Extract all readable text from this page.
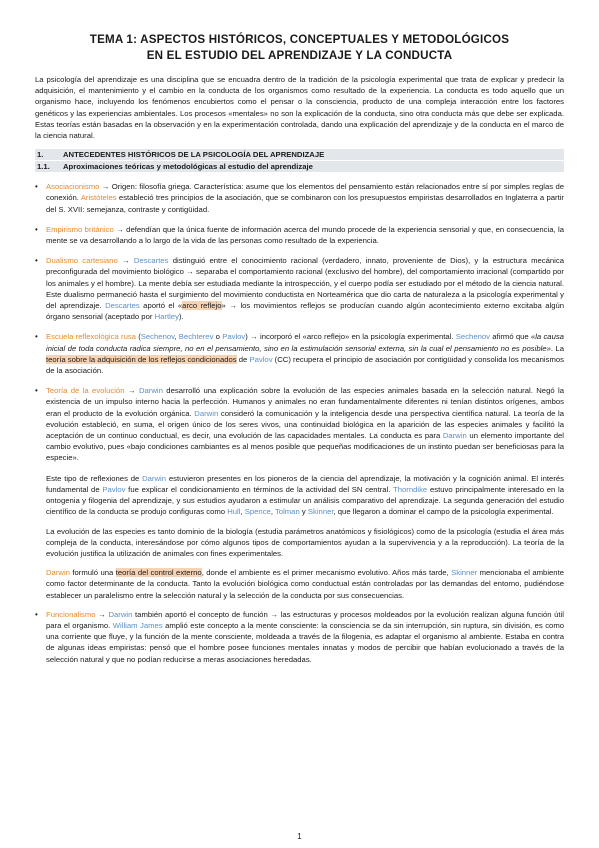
TEMA 1: ASPECTOS HISTÓRICOS, CONCEPTUALES Y METODOLÓGICOS
EN EL ESTUDIO DEL APRENDIZAJE Y LA CONDUCTA
La psicología del aprendizaje es una disciplina que se encuadra dentro de la tradición de la psicología experimental que trata de explicar y predecir la adquisición, el mantenimiento y el cambio en la conducta de los organismos como resultado de la experiencia. La conducta es todo aquello que un organismo hace, incluyendo los fenómenos encubiertos como el pensar o la consciencia, producto de una compleja interacción entre los factores genéticos y las experiencias ambientales. Los procesos «mentales» no son la explicación de la conducta, sino otra conducta más que debe ser explicada. Estas teorías están basadas en la observación y en la experimentación controlada, dando una explicación del aprendizaje y de la conducta en el marco de la ciencia natural.
1.	ANTECEDENTES HISTÓRICOS DE LA PSICOLOGÍA DEL APRENDIZAJE
1.1.	Aproximaciones teóricas y metodológicas al estudio del aprendizaje
•	Asociacionismo → Origen: filosofía griega. Característica: asume que los elementos del pensamiento están relacionados entre sí por simples reglas de conexión. Aristóteles estableció tres principios de la asociación, que se combinaron con los presupuestos empiristas desarrollados en Inglaterra a partir del S. XVII: semejanza, contraste y contigüidad.
•	Empirismo británico → defendían que la única fuente de información acerca del mundo procede de la experiencia sensorial y que, en consecuencia, la mente se va desarrollando a lo largo de la vida de las personas como resultado de la experiencia.
•	Dualismo cartesiano → Descartes distinguió entre el conocimiento racional (verdadero, innato, proveniente de Dios), y la estructura mecánica preconfigurada del movimiento biológico → separaba el comportamiento racional (exclusivo del hombre), del comportamiento irracional (compartido por los animales y el hombre). La mente debía ser estudiada mediante la introspección, y el cuerpo podía ser estudiado por el método de la ciencia natural. Este dualismo permaneció hasta el surgimiento del movimiento conductista en Norteamérica que dio carta de naturaleza a la psicología experimental y del aprendizaje. Descartes aportó el «arco reflejo» → los movimientos reflejos se producían cuando algún acontecimiento externo excitaba algún órgano sensorial (aceptado por Hartley).
•	Escuela reflexológica rusa (Sechenov, Bechterev o Pavlov) → incorporó el «arco reflejo» en la psicología experimental. Sechenov afirmó que «la causa inicial de toda conducta radica siempre, no en el pensamiento, sino en la estimulación sensorial externa, sin la cual el pensamiento no es posible». La teoría sobre la adquisición de los reflejos condicionados de Pavlov (CC) recupera el principio de asociación por contigüidad y consolida los mecanismos de la asociación.
•	Teoría de la evolución → Darwin desarrolló una explicación sobre la evolución de las especies animales basada en la selección natural. Negó la existencia de un impulso interno hacia la perfección. Humanos y animales no eran fundamentalmente diferentes ni tenían distintos orígenes, ambos eran el producto de la evolución orgánica. Darwin consideró la comunicación y la inteligencia desde una perspectiva científica natural. La teoría de la evolución estableció, en suma, el origen único de los seres vivos, una continuidad biológica en la aparición de las especies animales y facilitó la aceptación de un continuo conductual, es decir, una evolución de las capacidades mentales. La conducta es para Darwin un elemento importante del cambio evolutivo, pues «bajo condiciones cambiantes es al menos posible que pequeñas modificaciones de un instinto puedan ser beneficiosas para la especie».
Este tipo de reflexiones de Darwin estuvieron presentes en los pioneros de la ciencia del aprendizaje, la motivación y la cognición animal. El interés fundamental de Pavlov fue explicar el condicionamiento en términos de la actividad del SN central. Thorndike estuvo principalmente interesado en la ontogenia y filogenia del aprendizaje, y sus estudios ayudaron a estimular un análisis comparativo del aprendizaje. La segunda generación del estudio científico de la conducta se produjo configuras como Hull, Spence, Tolman y Skinner, que llegaron a dominar el campo de la psicología experimental.
La evolución de las especies es tanto dominio de la biología (estudia parámetros anatómicos y fisiológicos) como de la psicología (estudia el área más compleja de la conducta, interesándose por cómo algunos tipos de comportamientos ayudan a la supervivencia y a la reproducción). La teoría de la evolución justifica la utilización de animales con fines experimentales.
Darwin formuló una teoría del control externo, donde el ambiente es el primer mecanismo evolutivo. Años más tarde, Skinner mencionaba el ambiente como factor determinante de la conducta. Tanto la evolución biológica como conductual están controladas por las demandas del entorno, pudiéndose establecer un paralelismo entre la selección natural y la selección de la conducta por sus consecuencias.
•	Funcionalismo → Darwin también aportó el concepto de función → las estructuras y procesos moldeados por la evolución realizan alguna función útil para el organismo. William James amplió este concepto a la mente consciente: la consciencia se da sin interrupción, sin ruptura, sin división, es como una corriente que fluye, y la función de la mente consciente, moldeada a través de la filogenia, es adaptar el organismo al ambiente. Estaba en contra de algunas ideas empiristas: pensó que el hombre posee funciones mentales innatas y modos de percibir que habían evolucionado a través de la selección natural y que no podían reducirse a meras asociaciones heredadas.
1
